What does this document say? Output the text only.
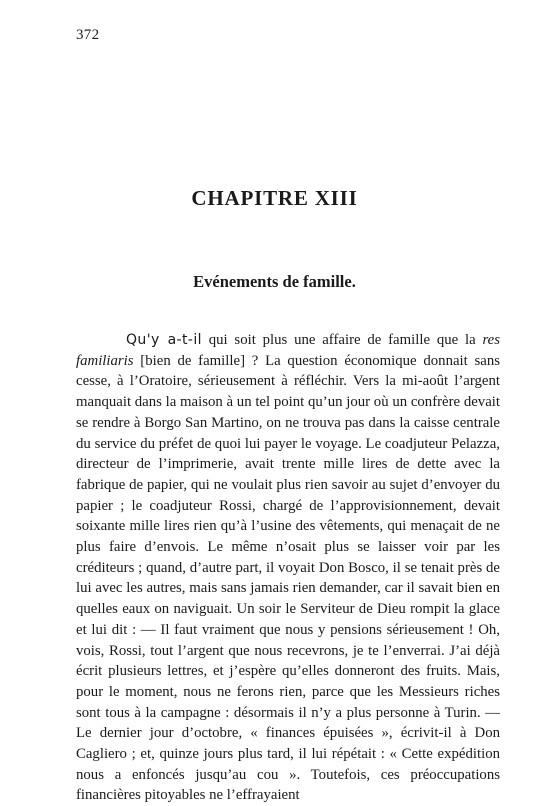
372
CHAPITRE XIII
Evénements de famille.

Qu'y a-t-il qui soit plus une affaire de famille que la res familiaris [bien de famille] ? La question économique donnait sans cesse, à l’Oratoire, sérieusement à réfléchir. Vers la mi-août l’argent manquait dans la maison à un tel point qu’un jour où un confrère devait se rendre à Borgo San Martino, on ne trouva pas dans la caisse centrale du service du préfet de quoi lui payer le voyage. Le coadjuteur Pelazza, directeur de l’imprimerie, avait trente mille lires de dette avec la fabrique de papier, qui ne voulait plus rien savoir au sujet d’envoyer du papier ; le coadjuteur Rossi, chargé de l’approvisionnement, devait soixante mille lires rien qu’à l’usine des vêtements, qui menaçait de ne plus faire d’envois. Le même n’osait plus se laisser voir par les créditeurs ; quand, d’autre part, il voyait Don Bosco, il se tenait près de lui avec les autres, mais sans jamais rien demander, car il savait bien en quelles eaux on naviguait. Un soir le Serviteur de Dieu rompit la glace et lui dit : — Il faut vraiment que nous y pensions sérieusement ! Oh, vois, Rossi, tout l’argent que nous recevrons, je te l’enverrai. J’ai déjà écrit plusieurs lettres, et j’espère qu’elles donneront des fruits. Mais, pour le moment, nous ne ferons rien, parce que les Messieurs riches sont tous à la campagne : désormais il n’y a plus personne à Turin. — Le dernier jour d’octobre, « finances épuisées », écrivit-il à Don Cagliero ; et, quinze jours plus tard, il lui répétait : « Cette expédition nous a enfoncés jusqu’au cou ». Toutefois, ces préoccupations financières pitoyables ne l’effrayaient
